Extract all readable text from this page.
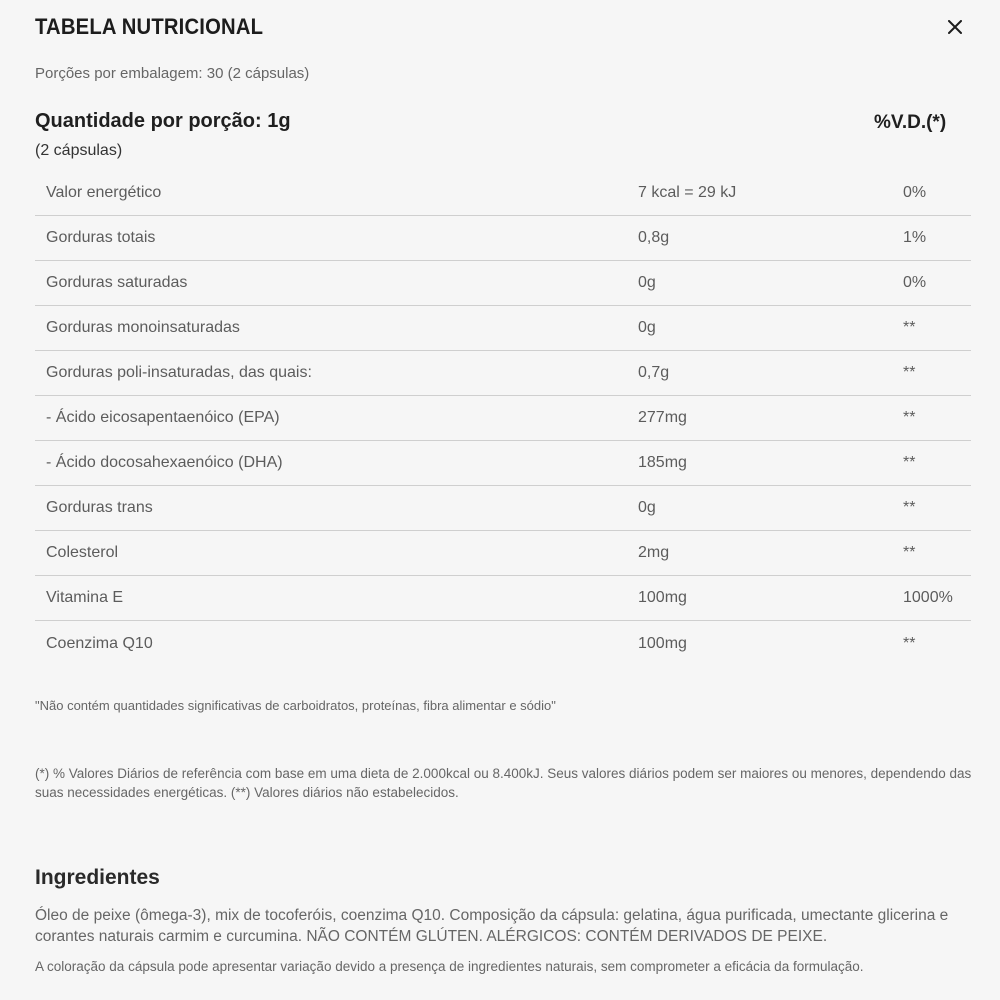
TABELA NUTRICIONAL
Porções por embalagem: 30 (2 cápsulas)
Quantidade por porção: 1g	%V.D.(*)
(2 cápsulas)
Valor energético	7 kcal = 29 kJ	0%
Gorduras totais	0,8g	1%
Gorduras saturadas	0g	0%
Gorduras monoinsaturadas	0g	**
Gorduras poli-insaturadas, das quais:	0,7g	**
- Ácido eicosapentaenóico (EPA)	277mg	**
- Ácido docosahexaenóico (DHA)	185mg	**
Gorduras trans	0g	**
Colesterol	2mg	**
Vitamina E	100mg	1000%
Coenzima Q10	100mg	**
"Não contém quantidades significativas de carboidratos, proteínas, fibra alimentar e sódio"
(*) % Valores Diários de referência com base em uma dieta de 2.000kcal ou 8.400kJ. Seus valores diários podem ser maiores ou menores, dependendo das suas necessidades energéticas. (**) Valores diários não estabelecidos.
Ingredientes
Óleo de peixe (ômega-3), mix de tocoferóis, coenzima Q10. Composição da cápsula: gelatina, água purificada, umectante glicerina e corantes naturais carmim e curcumina. NÃO CONTÉM GLÚTEN. ALÉRGICOS: CONTÉM DERIVADOS DE PEIXE.
A coloração da cápsula pode apresentar variação devido a presença de ingredientes naturais, sem comprometer a eficácia da formulação.
